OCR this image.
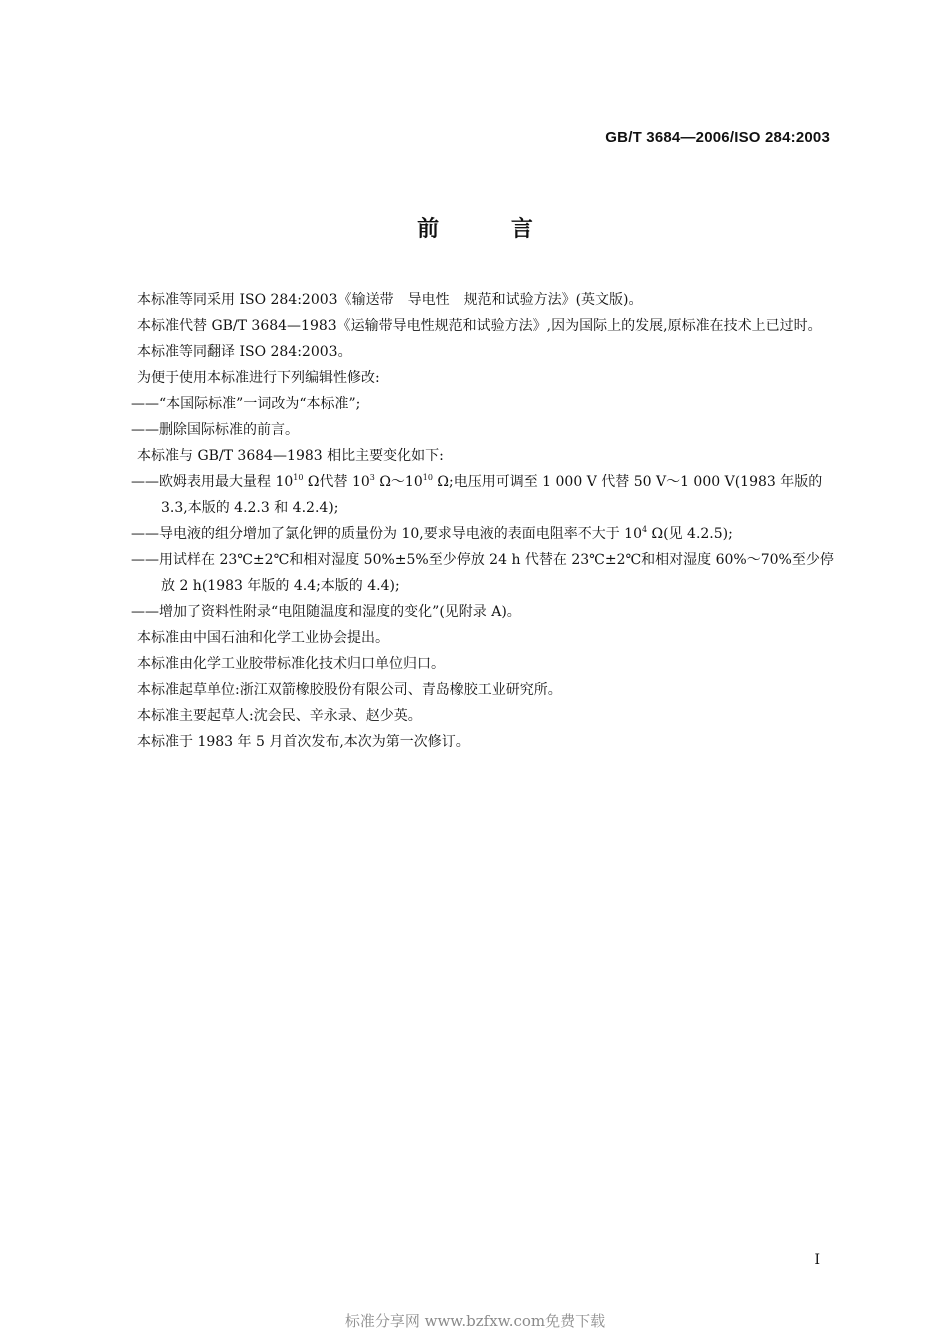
GB/T 3684—2006/ISO 284:2003
前 言

本标准等同采用 ISO 284:2003《输送带　导电性　规范和试验方法》(英文版)。

本标准代替 GB/T 3684—1983《运输带导电性规范和试验方法》,因为国际上的发展,原标准在技术上已过时。

本标准等同翻译 ISO 284:2003。

为便于使用本标准进行下列编辑性修改:

——“本国际标准”一词改为“本标准”;

——删除国际标准的前言。

本标准与 GB/T 3684—1983 相比主要变化如下:

——欧姆表用最大量程 $10^{10}$ Ω代替 $10^3$ $\Omega\sim 10^{10}$ Ω;电压用可调至 1 000 V 代替 50 V～1 000 V(1983 年版的 3.3,本版的 4.2.3 和 4.2.4);

——导电液的组分增加了氯化钾的质量份为 10,要求导电液的表面电阻率不大于 $10^4$ Ω(见 4.2.5);

——用试样在 23℃±2℃和相对湿度 50%±5%至少停放 24 h 代替在 23℃±2℃和相对湿度 60%～70%至少停放 2 h(1983 年版的 4.4;本版的 4.4);

——增加了资料性附录“电阻随温度和湿度的变化”(见附录 A)。

本标准由中国石油和化学工业协会提出。

本标准由化学工业胶带标准化技术归口单位归口。

本标准起草单位:浙江双箭橡胶股份有限公司、青岛橡胶工业研究所。

本标准主要起草人:沈会民、辛永录、赵少英。

本标准于 1983 年 5 月首次发布,本次为第一次修订。

I
标准分享网 www.bzfxw.com免费下载
